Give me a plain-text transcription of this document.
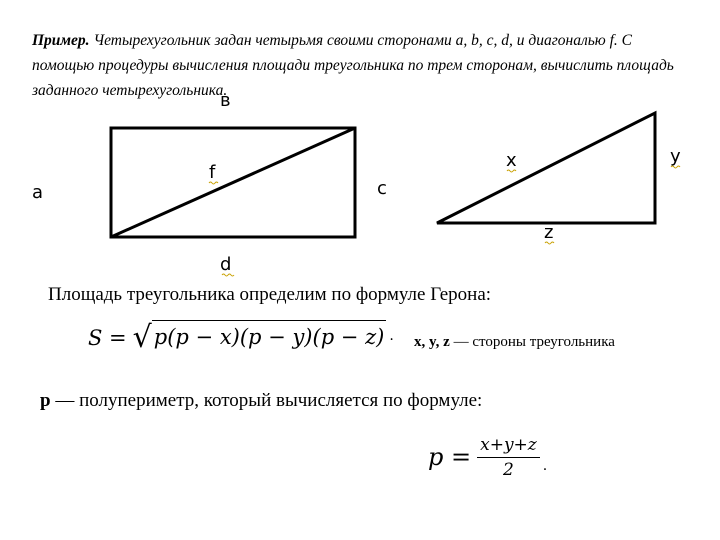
Пример. Четырехугольник задан четырьмя своими сторонами a, b, c, d, и диагональю f. С помощью процедуры вычисления площади треугольника по трем сторонам, вычислить площадь заданного четырехугольника.

в
а	c
d
f
x	y
z
Площадь треугольника определим по формуле Герона:
S = √ p(p − x)(p − y)(p − z) . x, y, z — стороны треугольника
p — полупериметр, который вычисляется по формуле:
$p = \frac{x+y+z}{2}$ .
